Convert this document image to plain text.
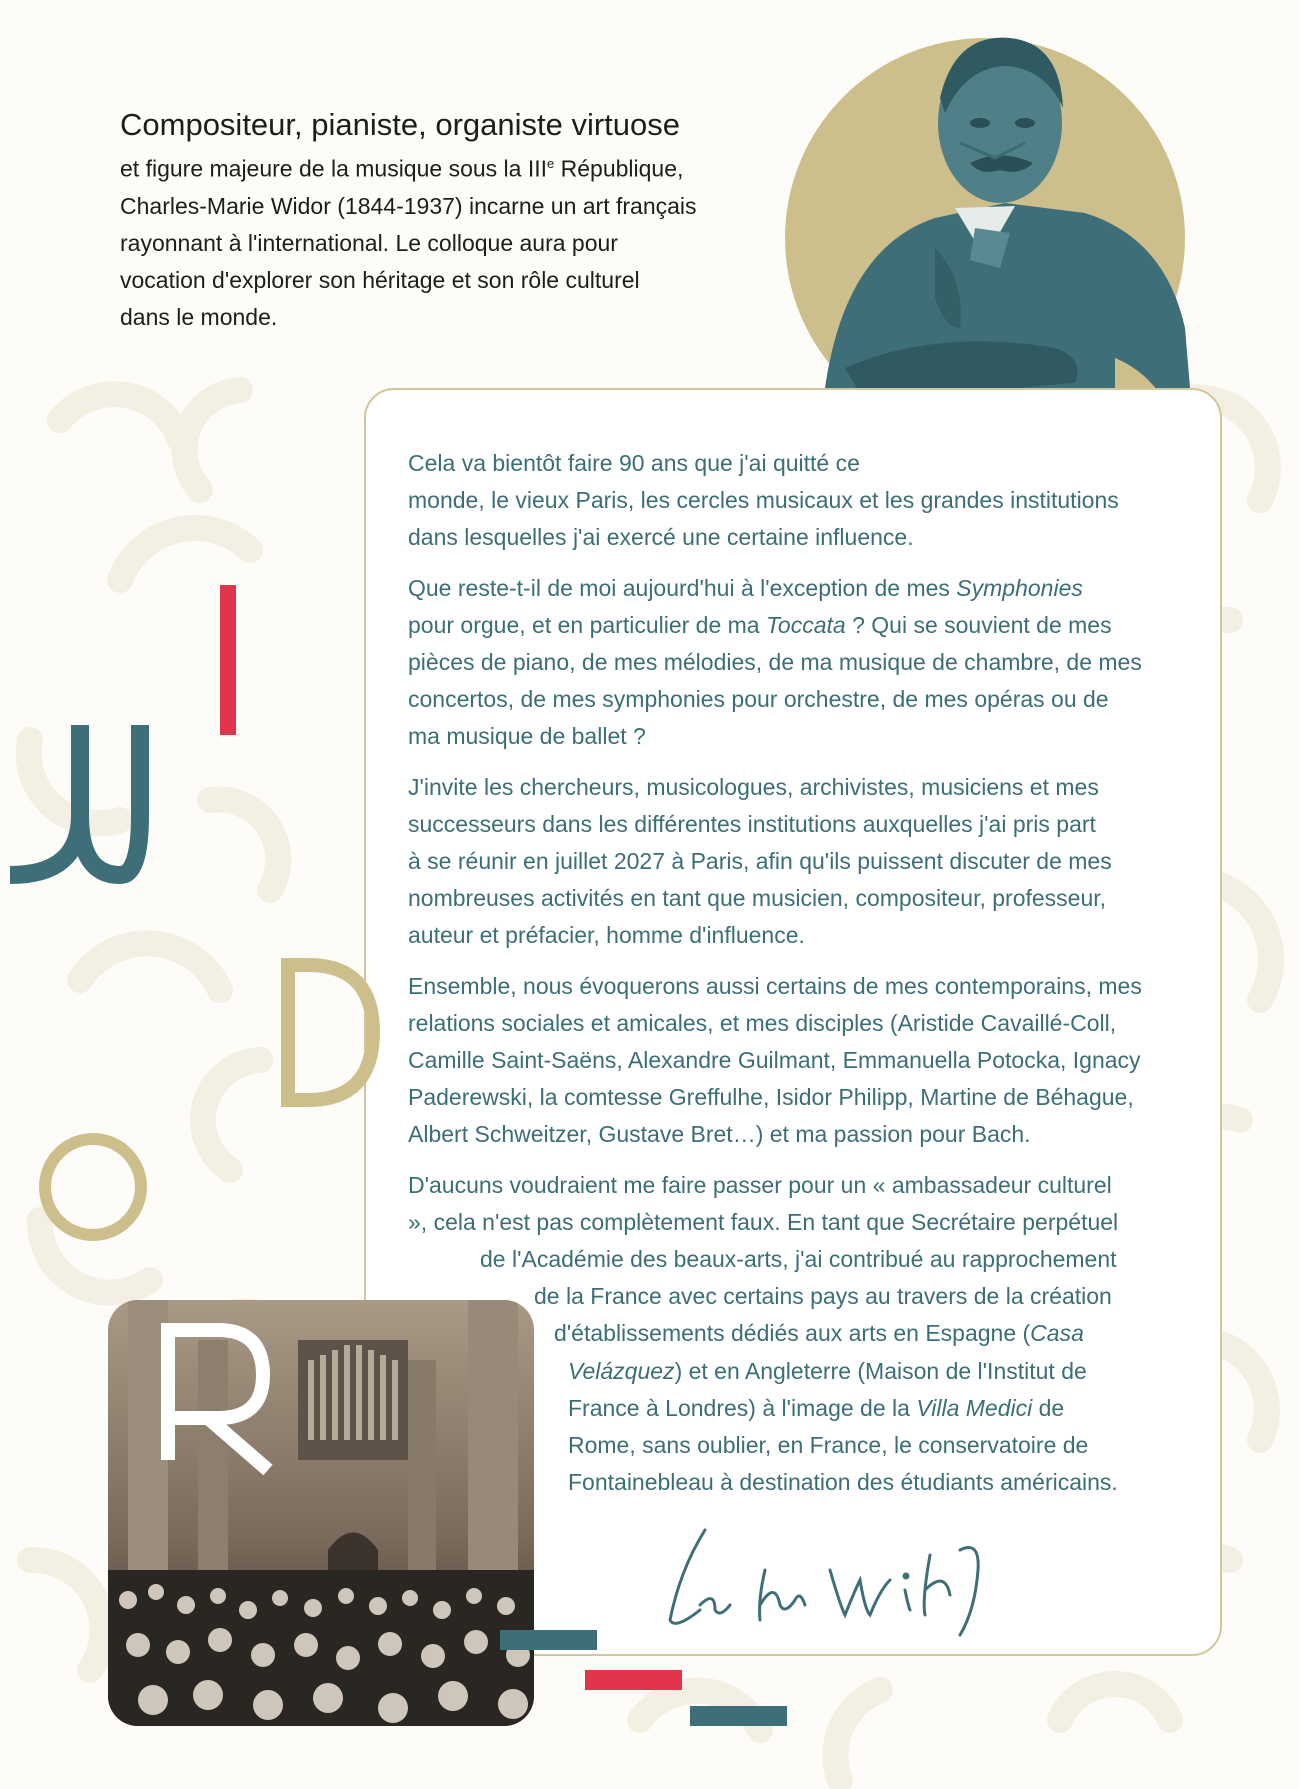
Compositeur, pianiste, organiste virtuose

et figure majeure de la musique sous la IIIe République,
Charles-Marie Widor (1844-1937) incarne un art français
rayonnant à l'international. Le colloque aura pour
vocation d'explorer son héritage et son rôle culturel
dans le monde.

Cela va bientôt faire 90 ans que j'ai quitté ce
monde, le vieux Paris, les cercles musicaux et les grandes institutions
dans lesquelles j'ai exercé une certaine influence.

Que reste-t-il de moi aujourd'hui à l'exception de mes Symphonies
pour orgue, et en particulier de ma Toccata ? Qui se souvient de mes
pièces de piano, de mes mélodies, de ma musique de chambre, de mes
concertos, de mes symphonies pour orchestre, de mes opéras ou de
ma musique de ballet ?

J'invite les chercheurs, musicologues, archivistes, musiciens et mes
successeurs dans les différentes institutions auxquelles j'ai pris part
à se réunir en juillet 2027 à Paris, afin qu'ils puissent discuter de mes
nombreuses activités en tant que musicien, compositeur, professeur,
auteur et préfacier, homme d'influence.

Ensemble, nous évoquerons aussi certains de mes contemporains, mes
relations sociales et amicales, et mes disciples (Aristide Cavaillé-Coll,
Camille Saint-Saëns, Alexandre Guilmant, Emmanuella Potocka, Ignacy
Paderewski, la comtesse Greffulhe, Isidor Philipp, Martine de Béhague,
Albert Schweitzer, Gustave Bret…) et ma passion pour Bach.

D'aucuns voudraient me faire passer pour un « ambassadeur culturel
», cela n'est pas complètement faux. En tant que Secrétaire perpétuel
de l'Académie des beaux-arts, j'ai contribué au rapprochement
de la France avec certains pays au travers de la création
d'établissements dédiés aux arts en Espagne (Casa
Velázquez) et en Angleterre (Maison de l'Institut de
France à Londres) à l'image de la Villa Medici de
Rome, sans oublier, en France, le conservatoire de
Fontainebleau à destination des étudiants américains.
